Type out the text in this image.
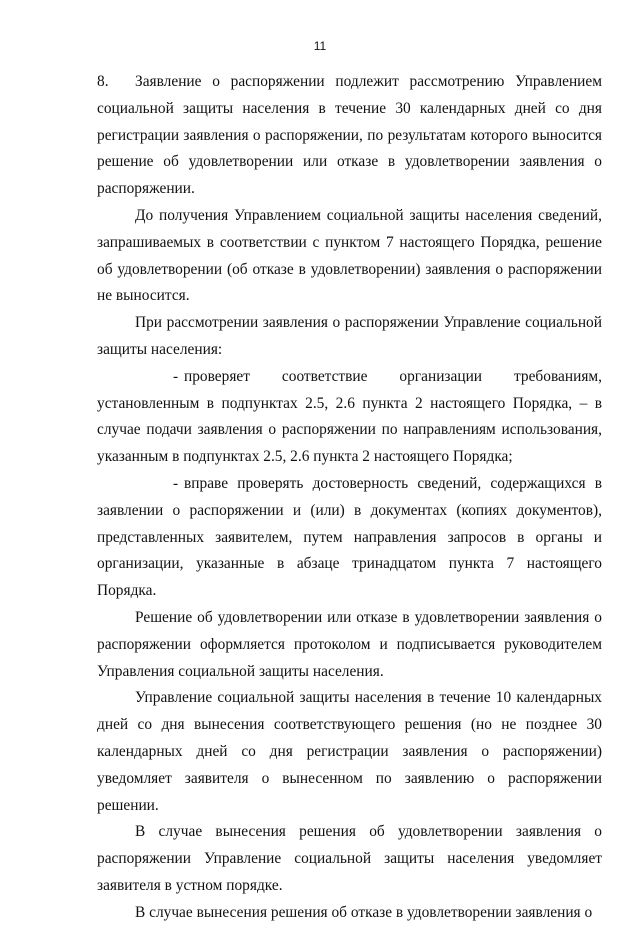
11

8. Заявление о распоряжении подлежит рассмотрению Управлением социальной защиты населения в течение 30 календарных дней со дня регистрации заявления о распоряжении, по результатам которого выносится решение об удовлетворении или отказе в удовлетворении заявления о распоряжении.

До получения Управлением социальной защиты населения сведений, запрашиваемых в соответствии с пунктом 7 настоящего Порядка, решение об удовлетворении (об отказе в удовлетворении) заявления о распоряжении не выносится.

При рассмотрении заявления о распоряжении Управление социальной защиты населения:

- проверяет соответствие организации требованиям, установленным в подпунктах 2.5, 2.6 пункта 2 настоящего Порядка, – в случае подачи заявления о распоряжении по направлениям использования, указанным в подпунктах 2.5, 2.6 пункта 2 настоящего Порядка;

- вправе проверять достоверность сведений, содержащихся в заявлении о распоряжении и (или) в документах (копиях документов), представленных заявителем, путем направления запросов в органы и организации, указанные в абзаце тринадцатом пункта 7 настоящего Порядка.

Решение об удовлетворении или отказе в удовлетворении заявления о распоряжении оформляется протоколом и подписывается руководителем Управления социальной защиты населения.

Управление социальной защиты населения в течение 10 календарных дней со дня вынесения соответствующего решения (но не позднее 30 календарных дней со дня регистрации заявления о распоряжении) уведомляет заявителя о вынесенном по заявлению о распоряжении решении.

В случае вынесения решения об удовлетворении заявления о распоряжении Управление социальной защиты населения уведомляет заявителя в устном порядке.

В случае вынесения решения об отказе в удовлетворении заявления о
